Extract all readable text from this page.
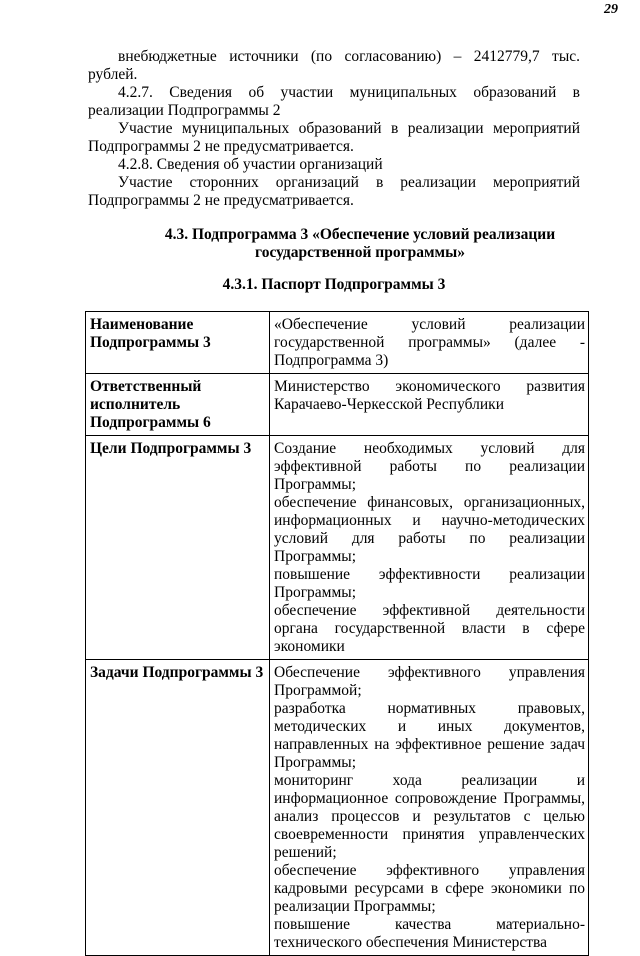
29

внебюджетные источники (по согласованию) – 2412779,7 тыс. рублей.

4.2.7. Сведения об участии муниципальных образований в реализации Подпрограммы 2

Участие муниципальных образований в реализации мероприятий Подпрограммы 2 не предусматривается.

4.2.8. Сведения об участии организаций

Участие сторонних организаций в реализации мероприятий Подпрограммы 2 не предусматривается.

4.3. Подпрограмма 3 «Обеспечение условий реализации государственной программы»
4.3.1. Паспорт Подпрограммы 3
Наименование Подпрограммы 3	«Обеспечение условий реализации государственной программы» (далее - Подпрограмма 3)

Ответственный исполнитель Подпрограммы 6	Министерство экономического развития Карачаево-Черкесской Республики

Цели Подпрограммы 3	Создание необходимых условий для эффективной работы по реализации Программы;
обеспечение финансовых, организационных, информационных и научно-методических условий для работы по реализации Программы;
повышение эффективности реализации Программы;
обеспечение эффективной деятельности органа государственной власти в сфере экономики

Задачи Подпрограммы 3	Обеспечение эффективного управления Программой;
разработка нормативных правовых, методических и иных документов, направленных на эффективное решение задач Программы;
мониторинг хода реализации и информационное сопровождение Программы, анализ процессов и результатов с целью своевременности принятия управленческих решений;
обеспечение эффективного управления кадровыми ресурсами в сфере экономики по реализации Программы;
повышение качества материально-технического обеспечения Министерства
